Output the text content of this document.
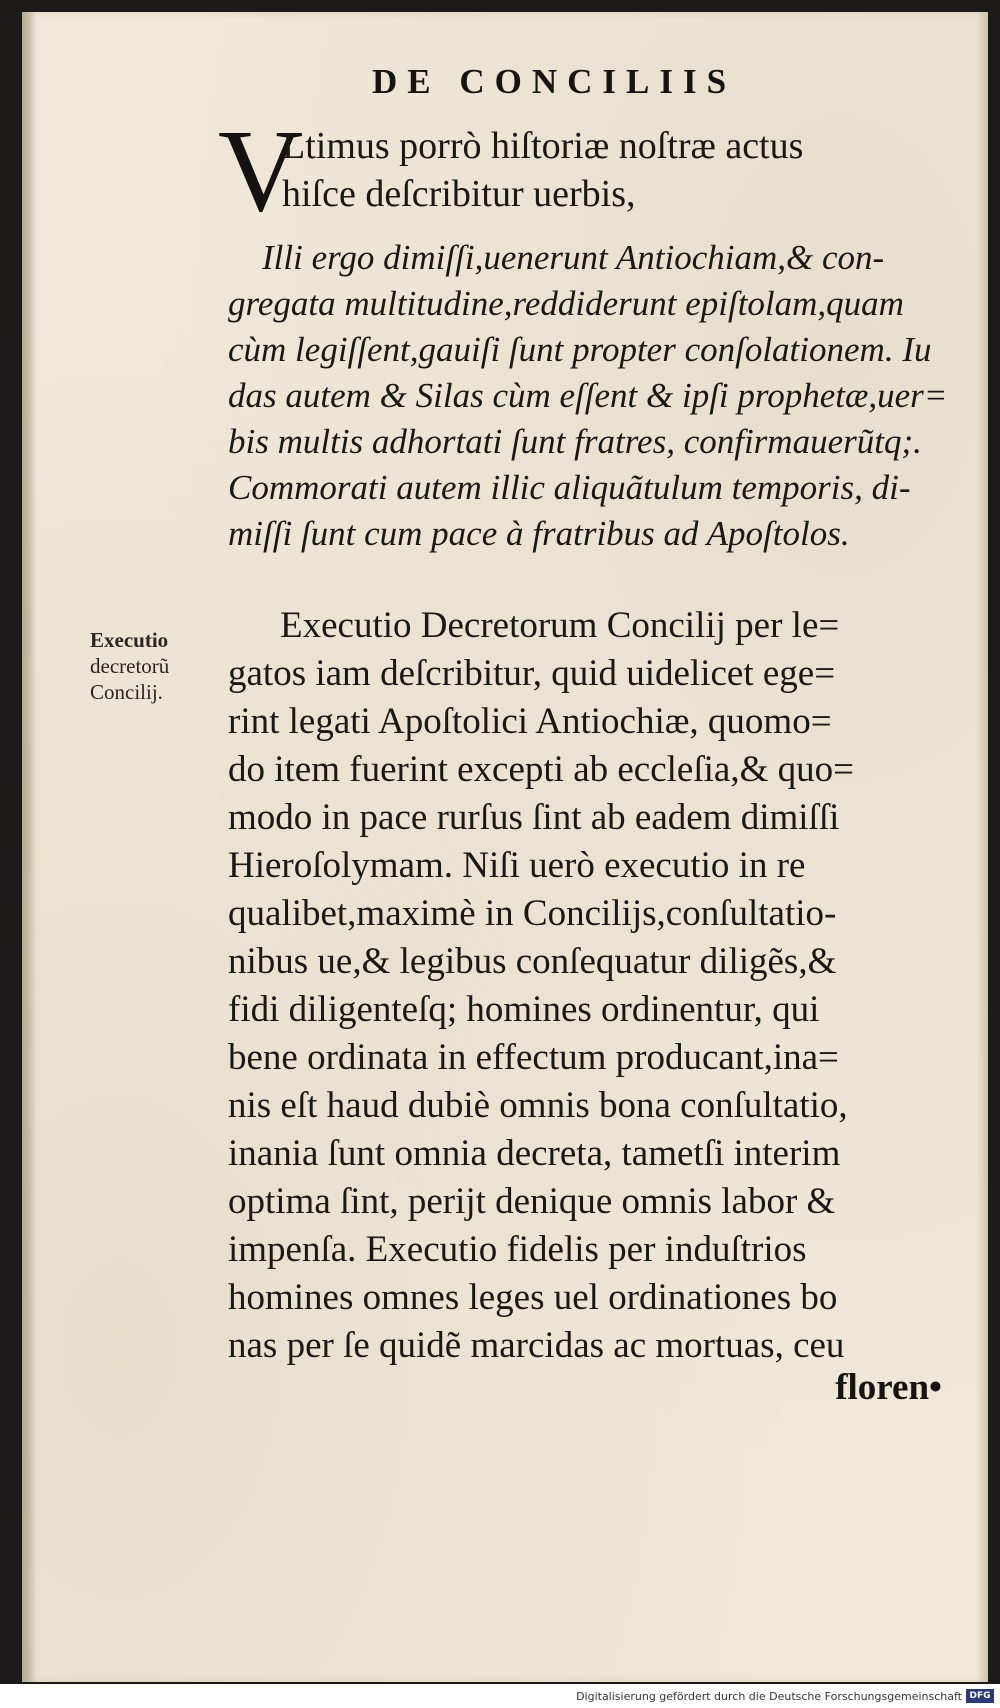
DE CONCILIIS
V
Ltimus porrò hiſtoriæ noſtræ actus
hiſce deſcribitur uerbis,
Illi ergo dimiſſi,uenerunt Antiochiam,& con-
gregata multitudine,reddiderunt epiſtolam,quam
cùm legiſſent,gauiſi ſunt propter conſolationem. Iu
das autem & Silas cùm eſſent & ipſi prophetæ,uer=
bis multis adhortati ſunt fratres, confirmauerũtq;.
Commorati autem illic aliquãtulum temporis, di-
miſſi ſunt cum pace à fratribus ad Apoſtolos.
Executio
decretorũ
Concilij.
Executio Decretorum Concilij per le=
gatos iam deſcribitur, quid uidelicet ege=
rint legati Apoſtolici Antiochiæ, quomo=
do item fuerint excepti ab eccleſia,& quo=
modo in pace rurſus ſint ab eadem dimiſſi
Hieroſolymam. Niſi uerò executio in re
qualibet,maximè in Concilijs,conſultatio-
nibus ue,& legibus conſequatur diligẽs,&
fidi diligenteſq; homines ordinentur, qui
bene ordinata in effectum producant,ina=
nis eſt haud dubiè omnis bona conſultatio,
inania ſunt omnia decreta, tametſi interim
optima ſint, perijt denique omnis labor &
impenſa. Executio fidelis per induſtrios
homines omnes leges uel ordinationes bo
nas per ſe quidẽ marcidas ac mortuas, ceu
floren•
Digitalisierung gefördert durch die Deutsche Forschungsgemeinschaft DFG
